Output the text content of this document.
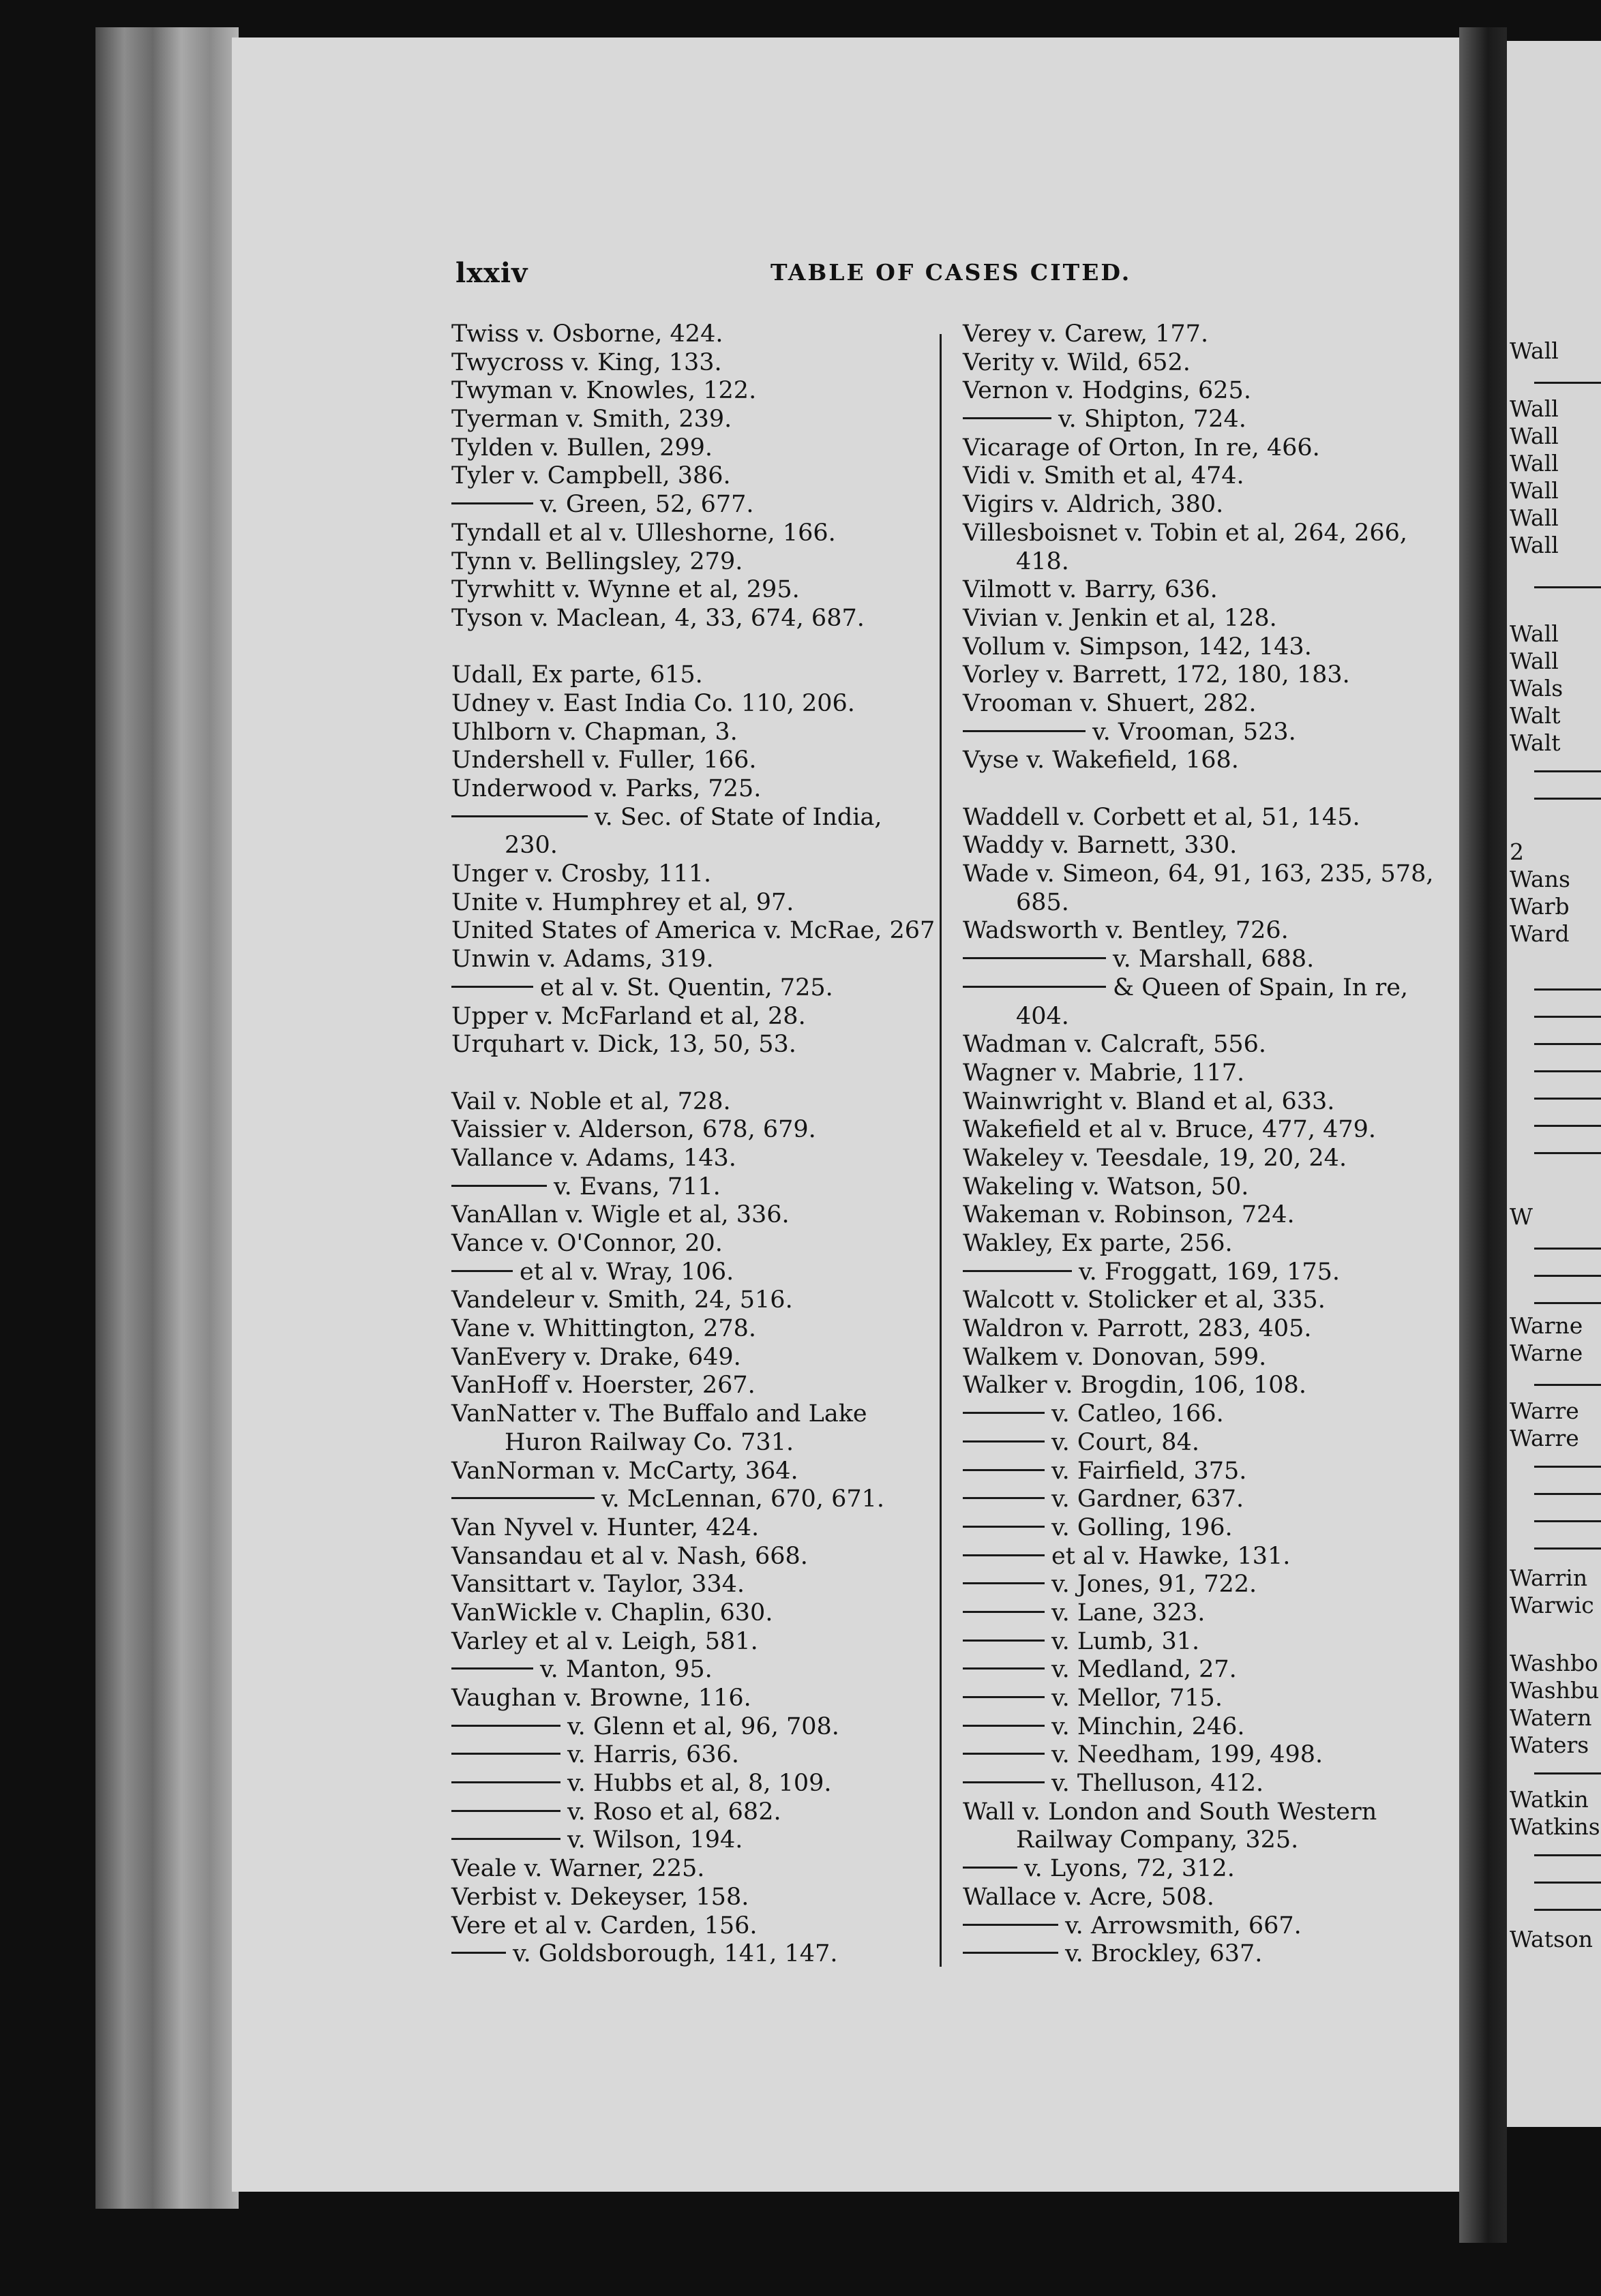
Wall
Wall
Wall
Wall
Wall
Wall
Wall
Wall
Wall
Wals
Walt
Walt
2
Wans
Warb
Ward
W
Warne
Warne
Warre
Warre
Warrin
Warwic
Washbo
Washbu
Watern
Waters
Watkin
Watkins
Watson
lxxiv	TABLE OF CASES CITED.
Twiss v. Osborne, 424.
Twycross v. King, 133.
Twyman v. Knowles, 122.
Tyerman v. Smith, 239.
Tylden v. Bullen, 299.
Tyler v. Campbell, 386.
v. Green, 52, 677.
Tyndall et al v. Ulleshorne, 166.
Tynn v. Bellingsley, 279.
Tyrwhitt v. Wynne et al, 295.
Tyson v. Maclean, 4, 33, 674, 687.
Udall, Ex parte, 615.
Udney v. East India Co. 110, 206.
Uhlborn v. Chapman, 3.
Undershell v. Fuller, 166.
Underwood v. Parks, 725.
v. Sec. of State of India,
230.
Unger v. Crosby, 111.
Unite v. Humphrey et al, 97.
United States of America v. McRae, 267
Unwin v. Adams, 319.
et al v. St. Quentin, 725.
Upper v. McFarland et al, 28.
Urquhart v. Dick, 13, 50, 53.
Vail v. Noble et al, 728.
Vaissier v. Alderson, 678, 679.
Vallance v. Adams, 143.
v. Evans, 711.
VanAllan v. Wigle et al, 336.
Vance v. O'Connor, 20.
et al v. Wray, 106.
Vandeleur v. Smith, 24, 516.
Vane v. Whittington, 278.
VanEvery v. Drake, 649.
VanHoff v. Hoerster, 267.
VanNatter v. The Buffalo and Lake
Huron Railway Co. 731.
VanNorman v. McCarty, 364.
v. McLennan, 670, 671.
Van Nyvel v. Hunter, 424.
Vansandau et al v. Nash, 668.
Vansittart v. Taylor, 334.
VanWickle v. Chaplin, 630.
Varley et al v. Leigh, 581.
v. Manton, 95.
Vaughan v. Browne, 116.
v. Glenn et al, 96, 708.
v. Harris, 636.
v. Hubbs et al, 8, 109.
v. Roso et al, 682.
v. Wilson, 194.
Veale v. Warner, 225.
Verbist v. Dekeyser, 158.
Vere et al v. Carden, 156.
v. Goldsborough, 141, 147.
Verey v. Carew, 177.
Verity v. Wild, 652.
Vernon v. Hodgins, 625.
v. Shipton, 724.
Vicarage of Orton, In re, 466.
Vidi v. Smith et al, 474.
Vigirs v. Aldrich, 380.
Villesboisnet v. Tobin et al, 264, 266,
418.
Vilmott v. Barry, 636.
Vivian v. Jenkin et al, 128.
Vollum v. Simpson, 142, 143.
Vorley v. Barrett, 172, 180, 183.
Vrooman v. Shuert, 282.
v. Vrooman, 523.
Vyse v. Wakefield, 168.
Waddell v. Corbett et al, 51, 145.
Waddy v. Barnett, 330.
Wade v. Simeon, 64, 91, 163, 235, 578,
685.
Wadsworth v. Bentley, 726.
v. Marshall, 688.
& Queen of Spain, In re,
404.
Wadman v. Calcraft, 556.
Wagner v. Mabrie, 117.
Wainwright v. Bland et al, 633.
Wakefield et al v. Bruce, 477, 479.
Wakeley v. Teesdale, 19, 20, 24.
Wakeling v. Watson, 50.
Wakeman v. Robinson, 724.
Wakley, Ex parte, 256.
v. Froggatt, 169, 175.
Walcott v. Stolicker et al, 335.
Waldron v. Parrott, 283, 405.
Walkem v. Donovan, 599.
Walker v. Brogdin, 106, 108.
v. Catleo, 166.
v. Court, 84.
v. Fairfield, 375.
v. Gardner, 637.
v. Golling, 196.
et al v. Hawke, 131.
v. Jones, 91, 722.
v. Lane, 323.
v. Lumb, 31.
v. Medland, 27.
v. Mellor, 715.
v. Minchin, 246.
v. Needham, 199, 498.
v. Thelluson, 412.
Wall v. London and South Western
Railway Company, 325.
v. Lyons, 72, 312.
Wallace v. Acre, 508.
v. Arrowsmith, 667.
v. Brockley, 637.
